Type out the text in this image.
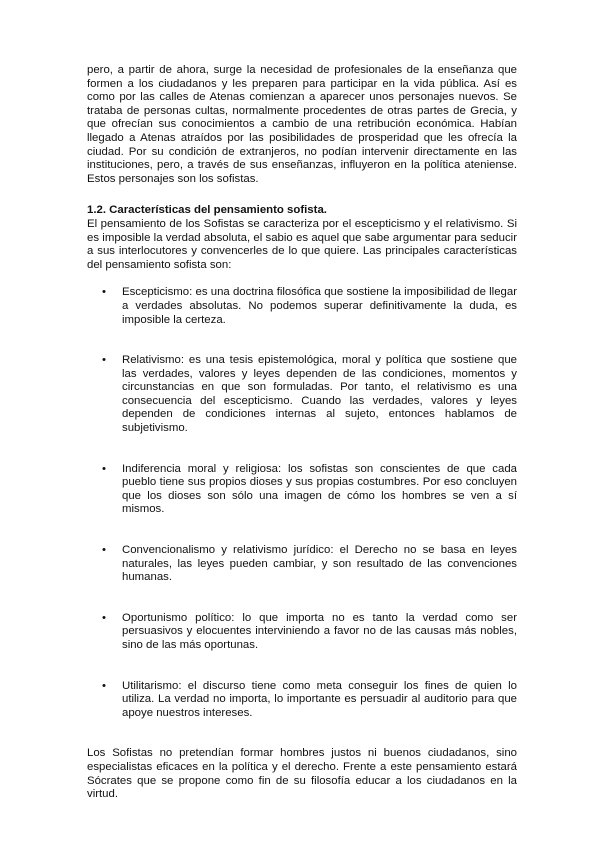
pero, a partir de ahora, surge la necesidad de profesionales de la enseñanza que formen a los ciudadanos y les preparen para participar en la vida pública. Así es como por las calles de Atenas comienzan a aparecer unos personajes nuevos. Se trataba de personas cultas, normalmente procedentes de otras partes de Grecia, y que ofrecían sus conocimientos a cambio de una retribución económica. Habían llegado a Atenas atraídos por las posibilidades de prosperidad que les ofrecía la ciudad. Por su condición de extranjeros, no podían intervenir directamente en las instituciones, pero, a través de sus enseñanzas, influyeron en la política ateniense. Estos personajes son los sofistas.

1.2. Características del pensamiento sofista.

El pensamiento de los Sofistas se caracteriza por el escepticismo y el relativismo. Si es imposible la verdad absoluta, el sabio es aquel que sabe argumentar para seducir a sus interlocutores y convencerles de lo que quiere. Las principales características del pensamiento sofista son:

• Escepticismo: es una doctrina filosófica que sostiene la imposibilidad de llegar a verdades absolutas. No podemos superar definitivamente la duda, es imposible la certeza.
• Relativismo: es una tesis epistemológica, moral y política que sostiene que las verdades, valores y leyes dependen de las condiciones, momentos y circunstancias en que son formuladas. Por tanto, el relativismo es una consecuencia del escepticismo. Cuando las verdades, valores y leyes dependen de condiciones internas al sujeto, entonces hablamos de subjetivismo.
• Indiferencia moral y religiosa: los sofistas son conscientes de que cada pueblo tiene sus propios dioses y sus propias costumbres. Por eso concluyen que los dioses son sólo una imagen de cómo los hombres se ven a sí mismos.
• Convencionalismo y relativismo jurídico: el Derecho no se basa en leyes naturales, las leyes pueden cambiar, y son resultado de las convenciones humanas.
• Oportunismo político: lo que importa no es tanto la verdad como ser persuasivos y elocuentes interviniendo a favor no de las causas más nobles, sino de las más oportunas.
• Utilitarismo: el discurso tiene como meta conseguir los fines de quien lo utiliza. La verdad no importa, lo importante es persuadir al auditorio para que apoye nuestros intereses.

Los Sofistas no pretendían formar hombres justos ni buenos ciudadanos, sino especialistas eficaces en la política y el derecho. Frente a este pensamiento estará Sócrates que se propone como fin de su filosofía educar a los ciudadanos en la virtud.
